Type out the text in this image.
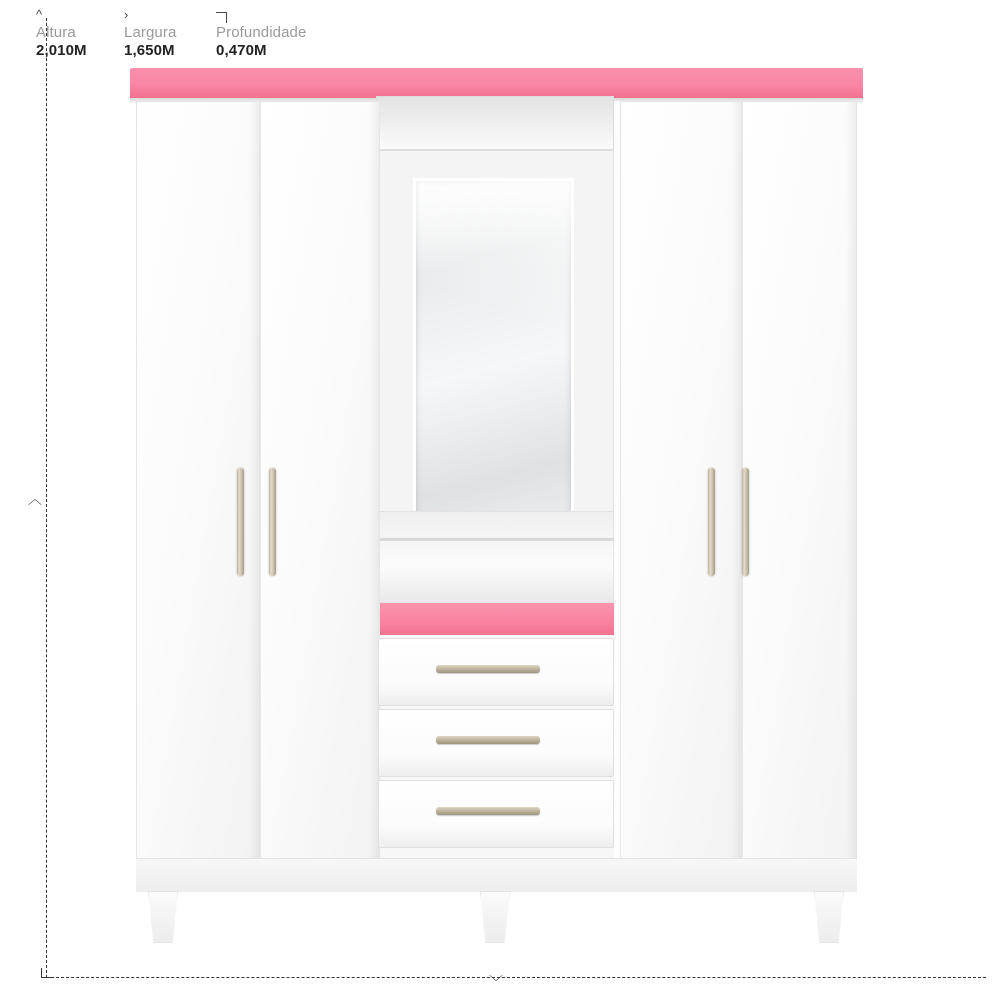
^
Altura
2,010M
›
Largura
1,650M
Profundidade
0,470M
︿
﹀
